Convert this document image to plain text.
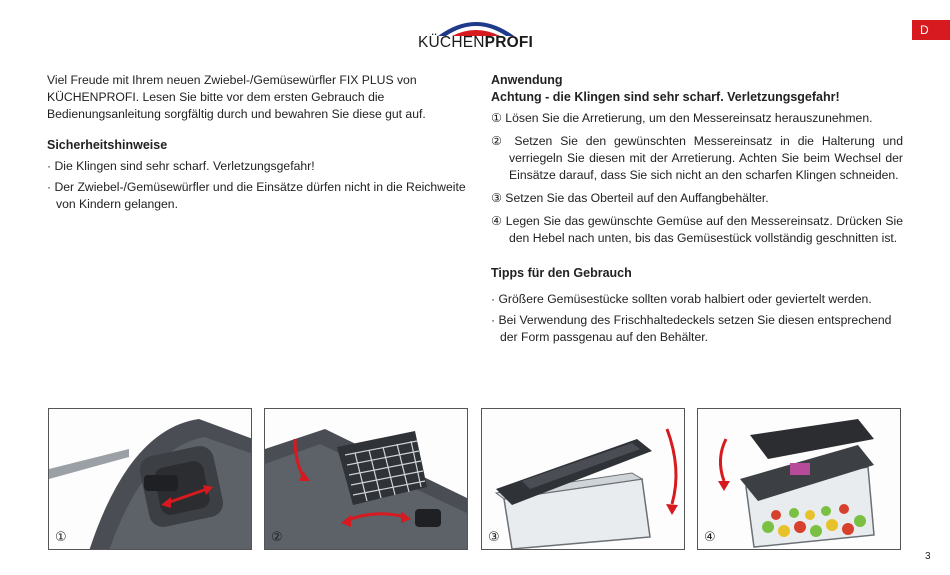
KÜCHENPROFI
D

Viel Freude mit Ihrem neuen Zwiebel-/Gemüsewürfler FIX PLUS von KÜCHENPROFI. Lesen Sie bitte vor dem ersten Gebrauch die Bedienungsanleitung sorgfältig durch und bewahren Sie diese gut auf.

Sicherheitshinweise

· Die Klingen sind sehr scharf. Verletzungsgefahr!

· Der Zwiebel-/Gemüsewürfler und die Einsätze dürfen nicht in die Reichweite von Kindern gelangen.

Anwendung

Achtung - die Klingen sind sehr scharf. Verletzungsgefahr!

① Lösen Sie die Arretierung, um den Messereinsatz herauszunehmen.

② Setzen Sie den gewünschten Messereinsatz in die Halterung und verriegeln Sie diesen mit der Arretierung. Achten Sie beim Wechsel der Einsätze darauf, dass Sie sich nicht an den scharfen Klingen schneiden.

③ Setzen Sie das Oberteil auf den Auffangbehälter.

④ Legen Sie das gewünschte Gemüse auf den Messereinsatz. Drücken Sie den Hebel nach unten, bis das Gemüsestück vollständig geschnitten ist.

Tipps für den Gebrauch

· Größere Gemüsestücke sollten vorab halbiert oder geviertelt werden.

· Bei Verwendung des Frischhaltedeckels setzen Sie diesen entsprechend der Form passgenau auf den Behälter.

①	②	③	④
3
